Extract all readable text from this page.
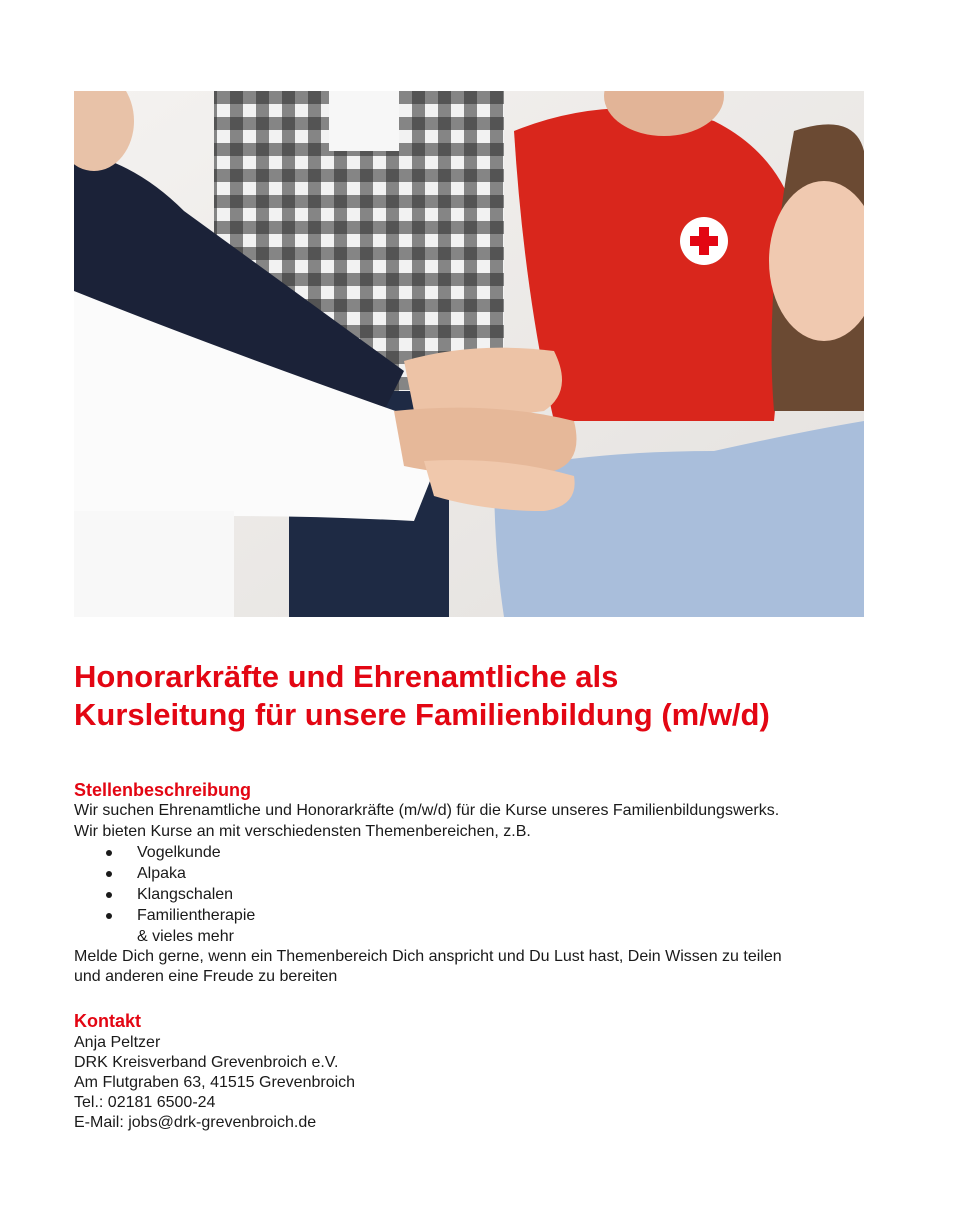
Honorarkräfte und Ehrenamtliche als
Kursleitung für unsere Familienbildung (m/w/d)
Stellenbeschreibung
Wir suchen Ehrenamtliche und Honorarkräfte (m/w/d) für die Kurse unseres Familienbildungswerks.
Wir bieten Kurse an mit verschiedensten Themenbereichen, z.B.
Vogelkunde
Alpaka
Klangschalen
Familientherapie
& vieles mehr
Melde Dich gerne, wenn ein Themenbereich Dich anspricht und Du Lust hast, Dein Wissen zu teilen
und anderen eine Freude zu bereiten
Kontakt
Anja Peltzer
DRK Kreisverband Grevenbroich e.V.
Am Flutgraben 63, 41515 Grevenbroich
Tel.: 02181 6500-24
E-Mail: jobs@drk-grevenbroich.de
